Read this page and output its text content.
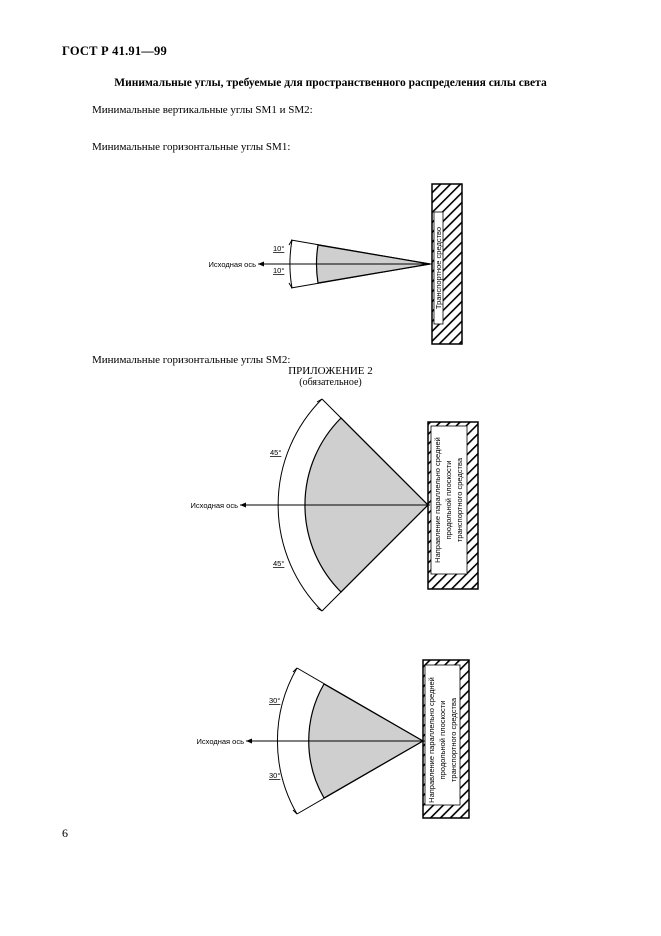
ГОСТ Р 41.91—99
Минимальные углы, требуемые для пространственного распределения силы света
Минимальные вертикальные углы SM1 и SM2:
Минимальные горизонтальные углы SM1:
Минимальные горизонтальные углы SM2:
ПРИЛОЖЕНИЕ 2
(обязательное)
6
Транспортное средство
Исходная ось
10°
10°
Направление параллельно средней продольной плоскости транспортного средства
Исходная ось
45°
45°
Направление параллельно средней продольной плоскости транспортного средства
Исходная ось
30°
30°
